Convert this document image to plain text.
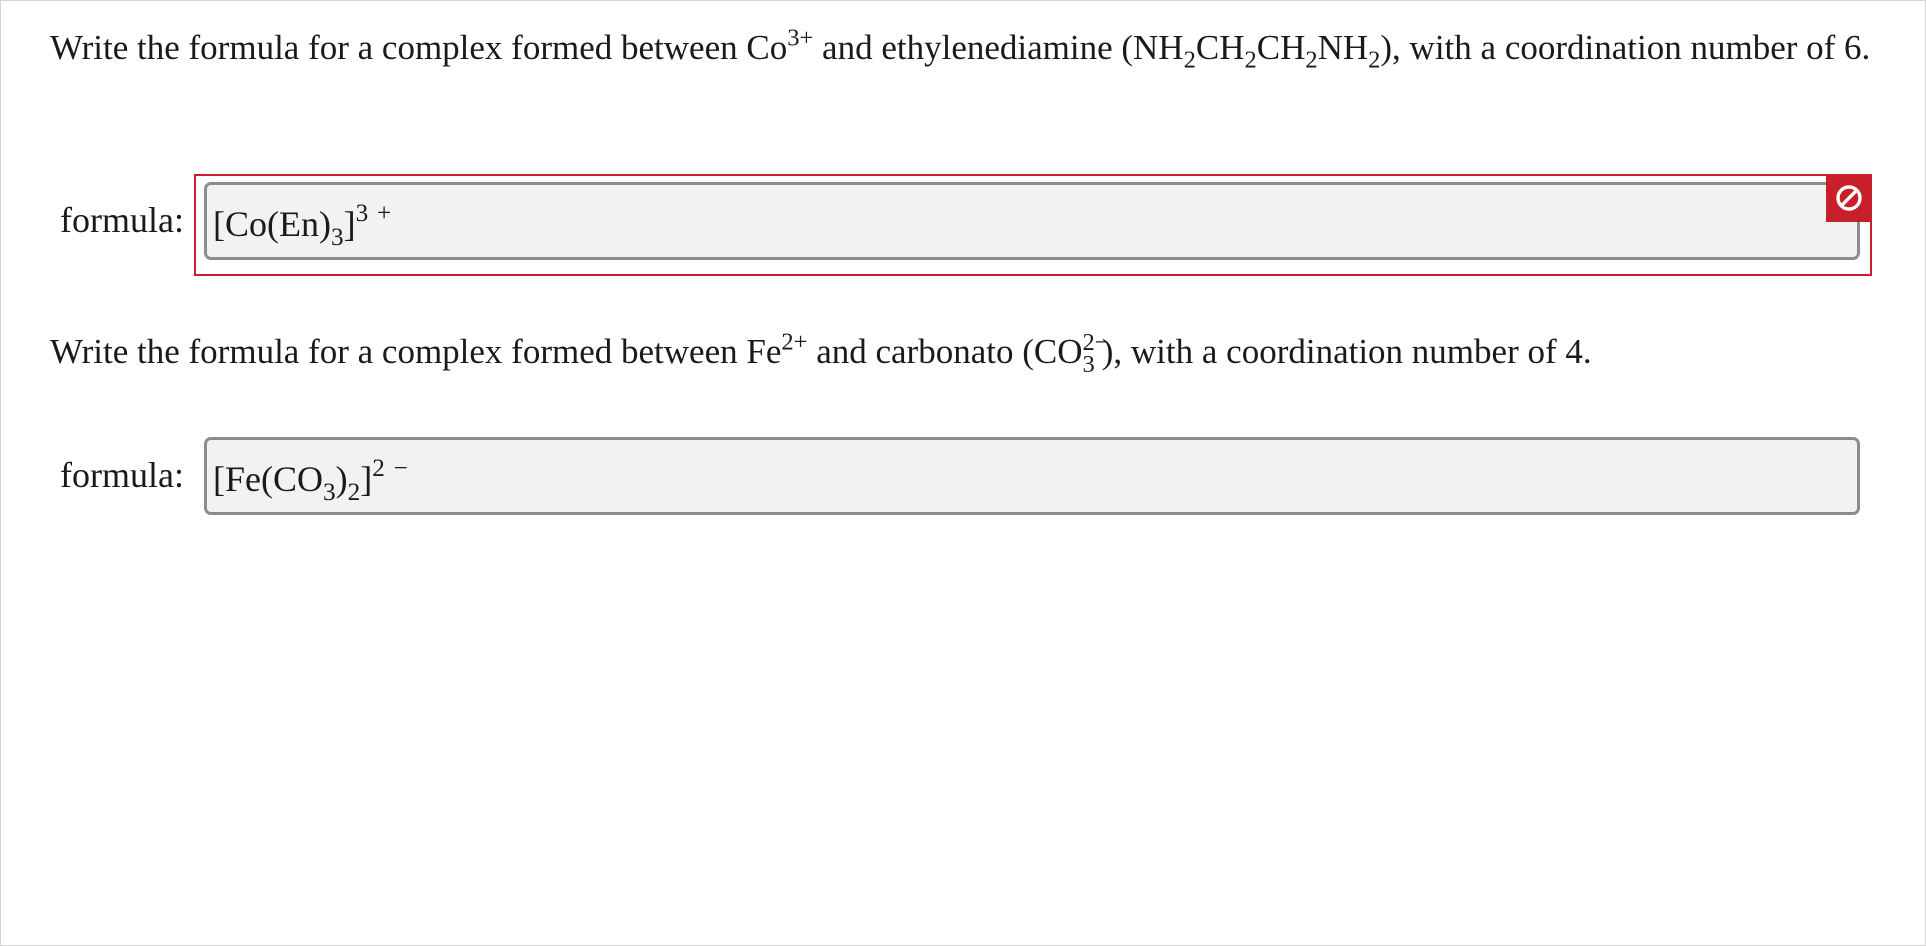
Write the formula for a complex formed between $Co^{3+}$ and ethylenediamine $(NH_2CH_2CH_2NH_2)$, with a coordination number of 6.
formula: $[Co(En)_3]^{3 +}$
Write the formula for a complex formed between $Fe^{2+}$ and carbonato (CO 2−
3 ), with a coordination number of 4.
formula: $[Fe(CO_3)_2]^{2 -}$
